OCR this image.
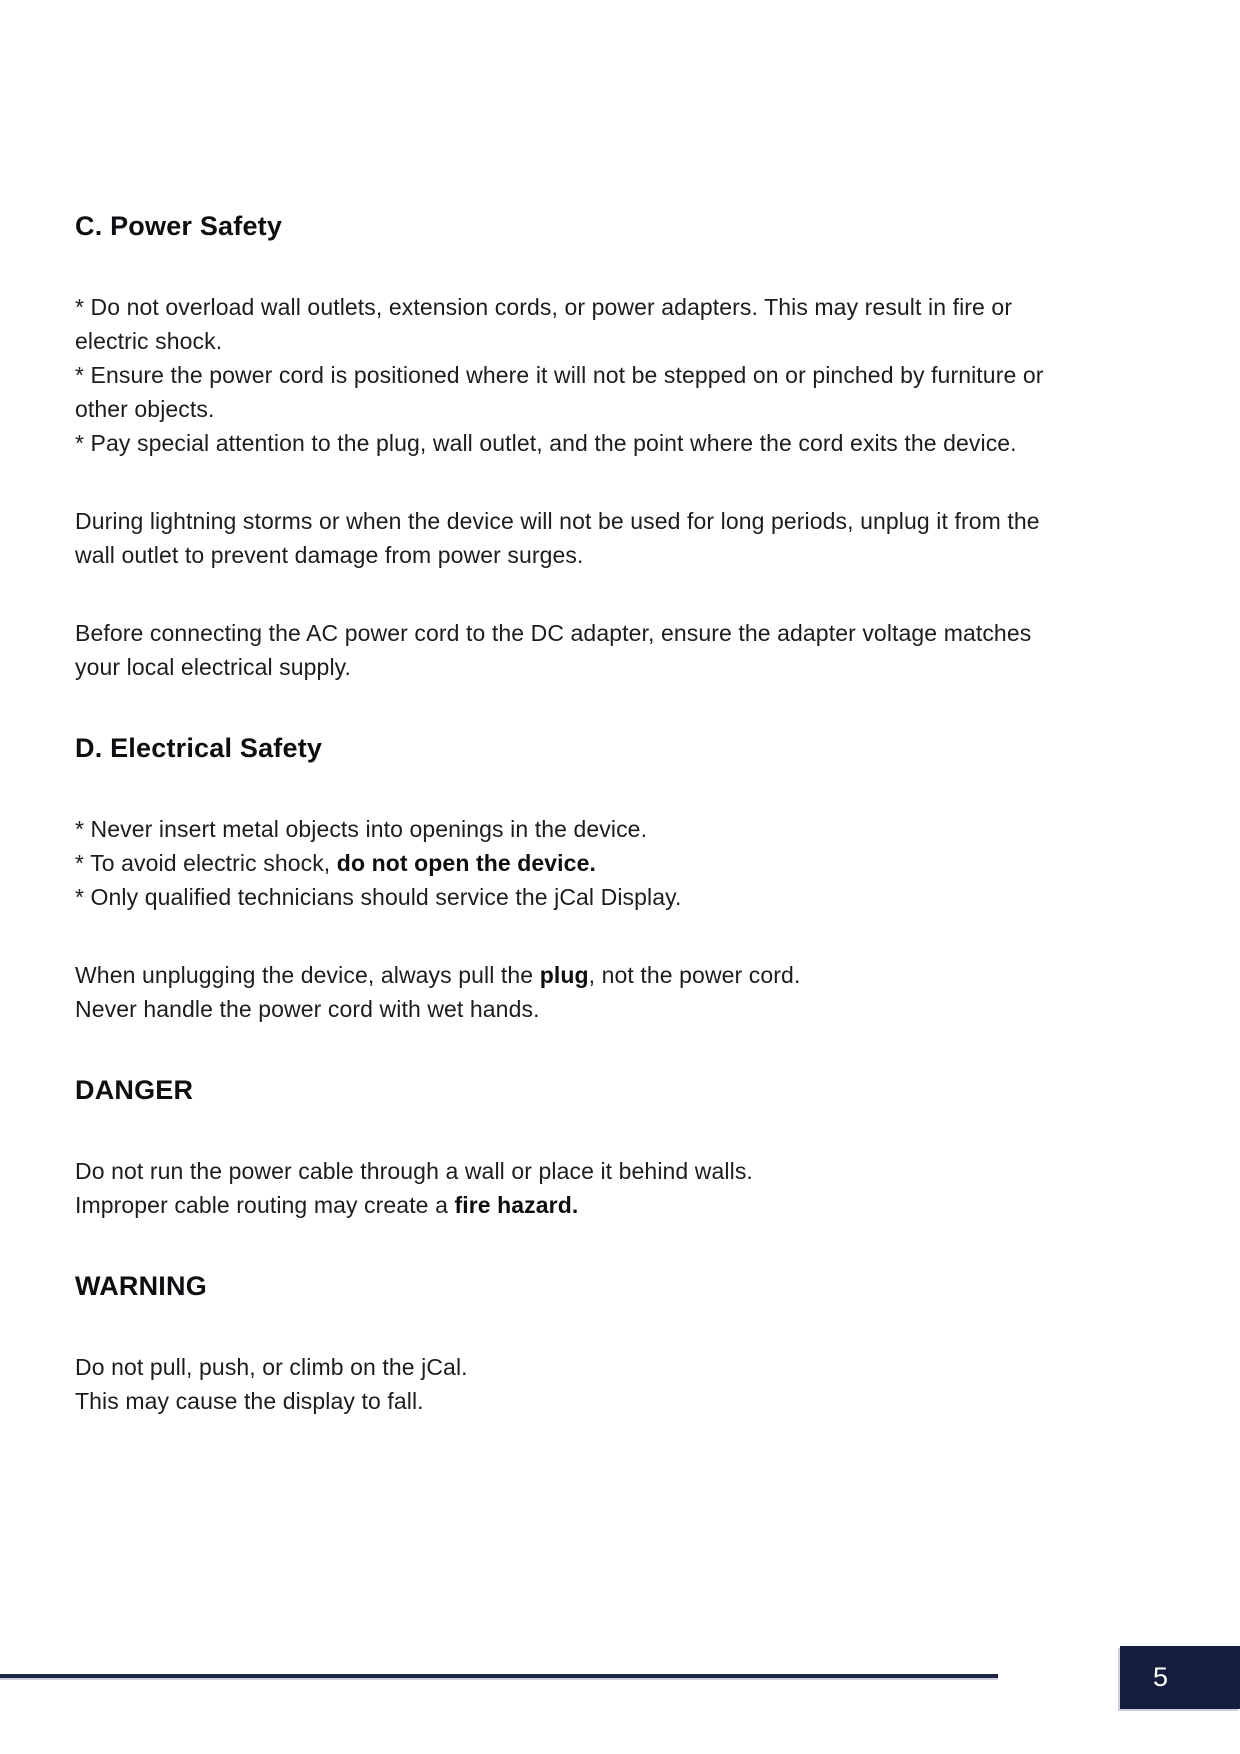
C. Power Safety
* Do not overload wall outlets, extension cords, or power adapters. This may result in fire or
electric shock.
* Ensure the power cord is positioned where it will not be stepped on or pinched by furniture or
other objects.
* Pay special attention to the plug, wall outlet, and the point where the cord exits the device.
During lightning storms or when the device will not be used for long periods, unplug it from the
wall outlet to prevent damage from power surges.
Before connecting the AC power cord to the DC adapter, ensure the adapter voltage matches
your local electrical supply.
D. Electrical Safety
* Never insert metal objects into openings in the device.
* To avoid electric shock, do not open the device.
* Only qualified technicians should service the jCal Display.
When unplugging the device, always pull the plug, not the power cord.
Never handle the power cord with wet hands.
DANGER
Do not run the power cable through a wall or place it behind walls.
Improper cable routing may create a fire hazard.
WARNING
Do not pull, push, or climb on the jCal.
This may cause the display to fall.
5
